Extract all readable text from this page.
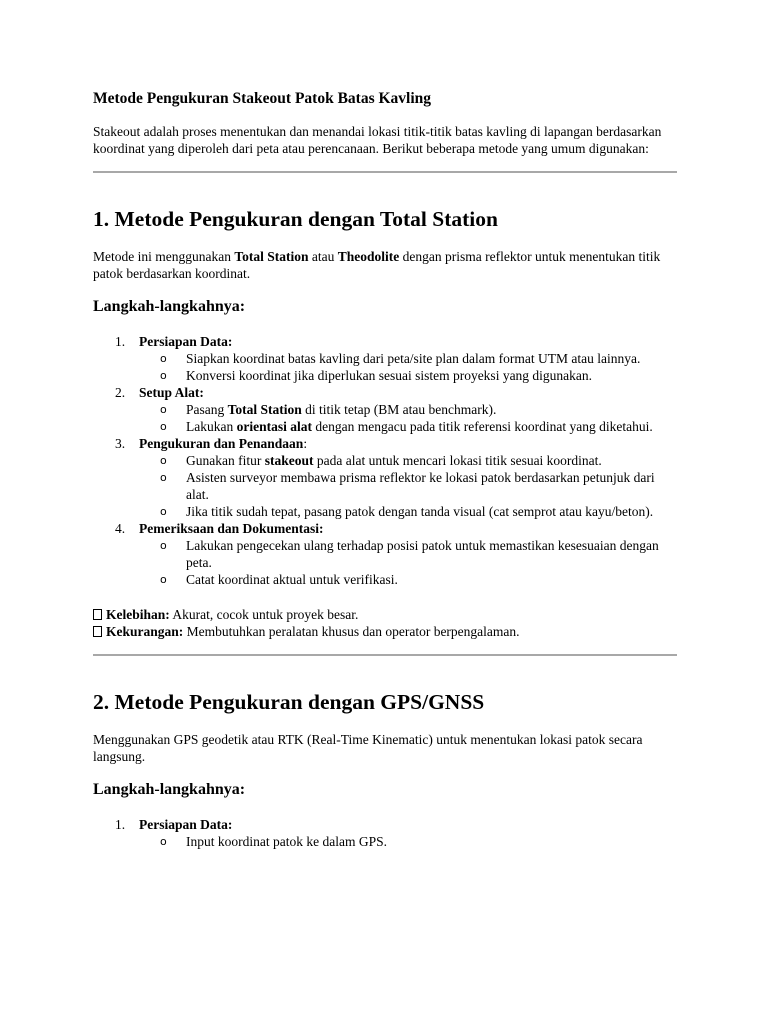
Metode Pengukuran Stakeout Patok Batas Kavling

Stakeout adalah proses menentukan dan menandai lokasi titik-titik batas kavling di lapangan berdasarkan koordinat yang diperoleh dari peta atau perencanaan. Berikut beberapa metode yang umum digunakan:

1. Metode Pengukuran dengan Total Station

Metode ini menggunakan Total Station atau Theodolite dengan prisma reflektor untuk menentukan titik patok berdasarkan koordinat.

Langkah-langkahnya:
1. Persiapan Data:
o Siapkan koordinat batas kavling dari peta/site plan dalam format UTM atau lainnya.
o Konversi koordinat jika diperlukan sesuai sistem proyeksi yang digunakan.
2. Setup Alat:
o Pasang Total Station di titik tetap (BM atau benchmark).
o Lakukan orientasi alat dengan mengacu pada titik referensi koordinat yang diketahui.
3. Pengukuran dan Penandaan:
o Gunakan fitur stakeout pada alat untuk mencari lokasi titik sesuai koordinat.
o Asisten surveyor membawa prisma reflektor ke lokasi patok berdasarkan petunjuk dari alat.
o Jika titik sudah tepat, pasang patok dengan tanda visual (cat semprot atau kayu/beton).
4. Pemeriksaan dan Dokumentasi:
o Lakukan pengecekan ulang terhadap posisi patok untuk memastikan kesesuaian dengan peta.
o Catat koordinat aktual untuk verifikasi.
Kelebihan: Akurat, cocok untuk proyek besar.
Kekurangan: Membutuhkan peralatan khusus dan operator berpengalaman.
2. Metode Pengukuran dengan GPS/GNSS

Menggunakan GPS geodetik atau RTK (Real-Time Kinematic) untuk menentukan lokasi patok secara langsung.

Langkah-langkahnya:
1. Persiapan Data:
o Input koordinat patok ke dalam GPS.
